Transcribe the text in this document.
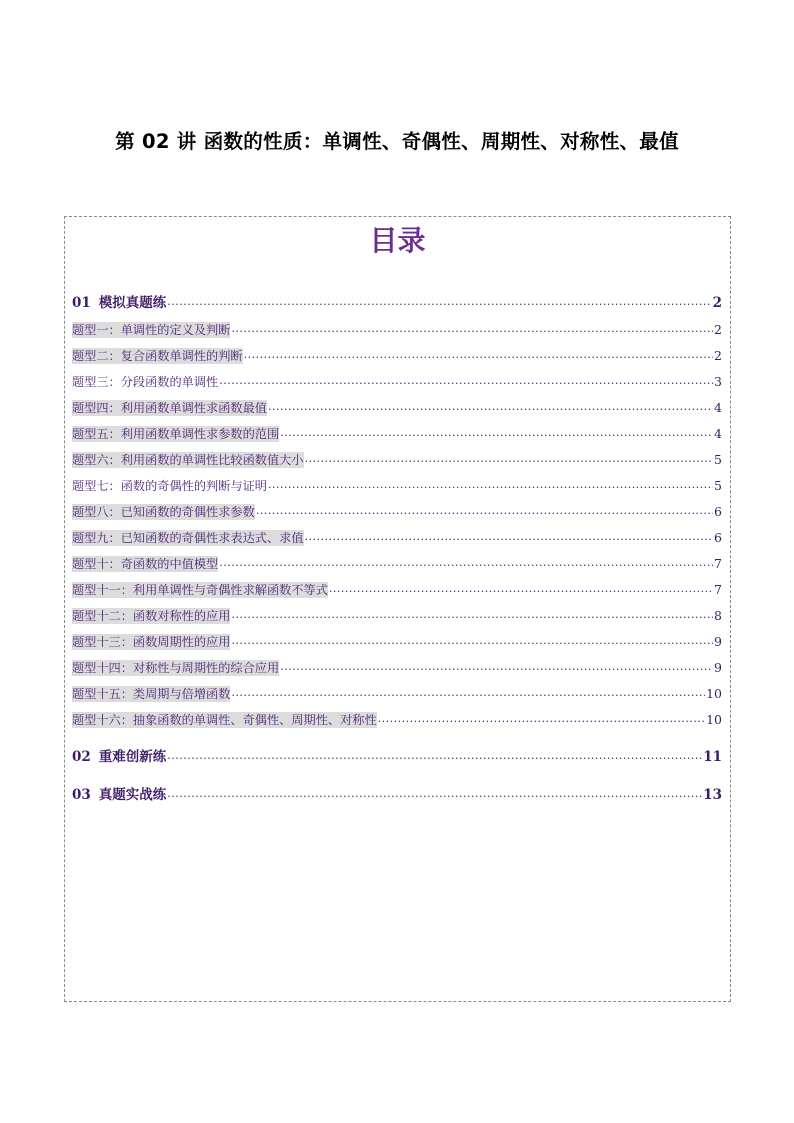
第 02 讲 函数的性质：单调性、奇偶性、周期性、对称性、最值
目录
01 模拟真题练 .....	2
题型一：单调性的定义及判断 .....	2
题型二：复合函数单调性的判断 .....	2
题型三：分段函数的单调性 .....	3
题型四：利用函数单调性求函数最值 .....	4
题型五：利用函数单调性求参数的范围 .....	4
题型六：利用函数的单调性比较函数值大小 .....	5
题型七：函数的奇偶性的判断与证明 .....	5
题型八：已知函数的奇偶性求参数 .....	6
题型九：已知函数的奇偶性求表达式、求值 .....	6
题型十：奇函数的中值模型 .....	7
题型十一：利用单调性与奇偶性求解函数不等式 .....	7
题型十二：函数对称性的应用 .....	8
题型十三：函数周期性的应用 .....	9
题型十四：对称性与周期性的综合应用 .....	9
题型十五：类周期与倍增函数 .....	10
题型十六：抽象函数的单调性、奇偶性、周期性、对称性 .....	10
02 重难创新练 .....	11
03 真题实战练 .....	13
